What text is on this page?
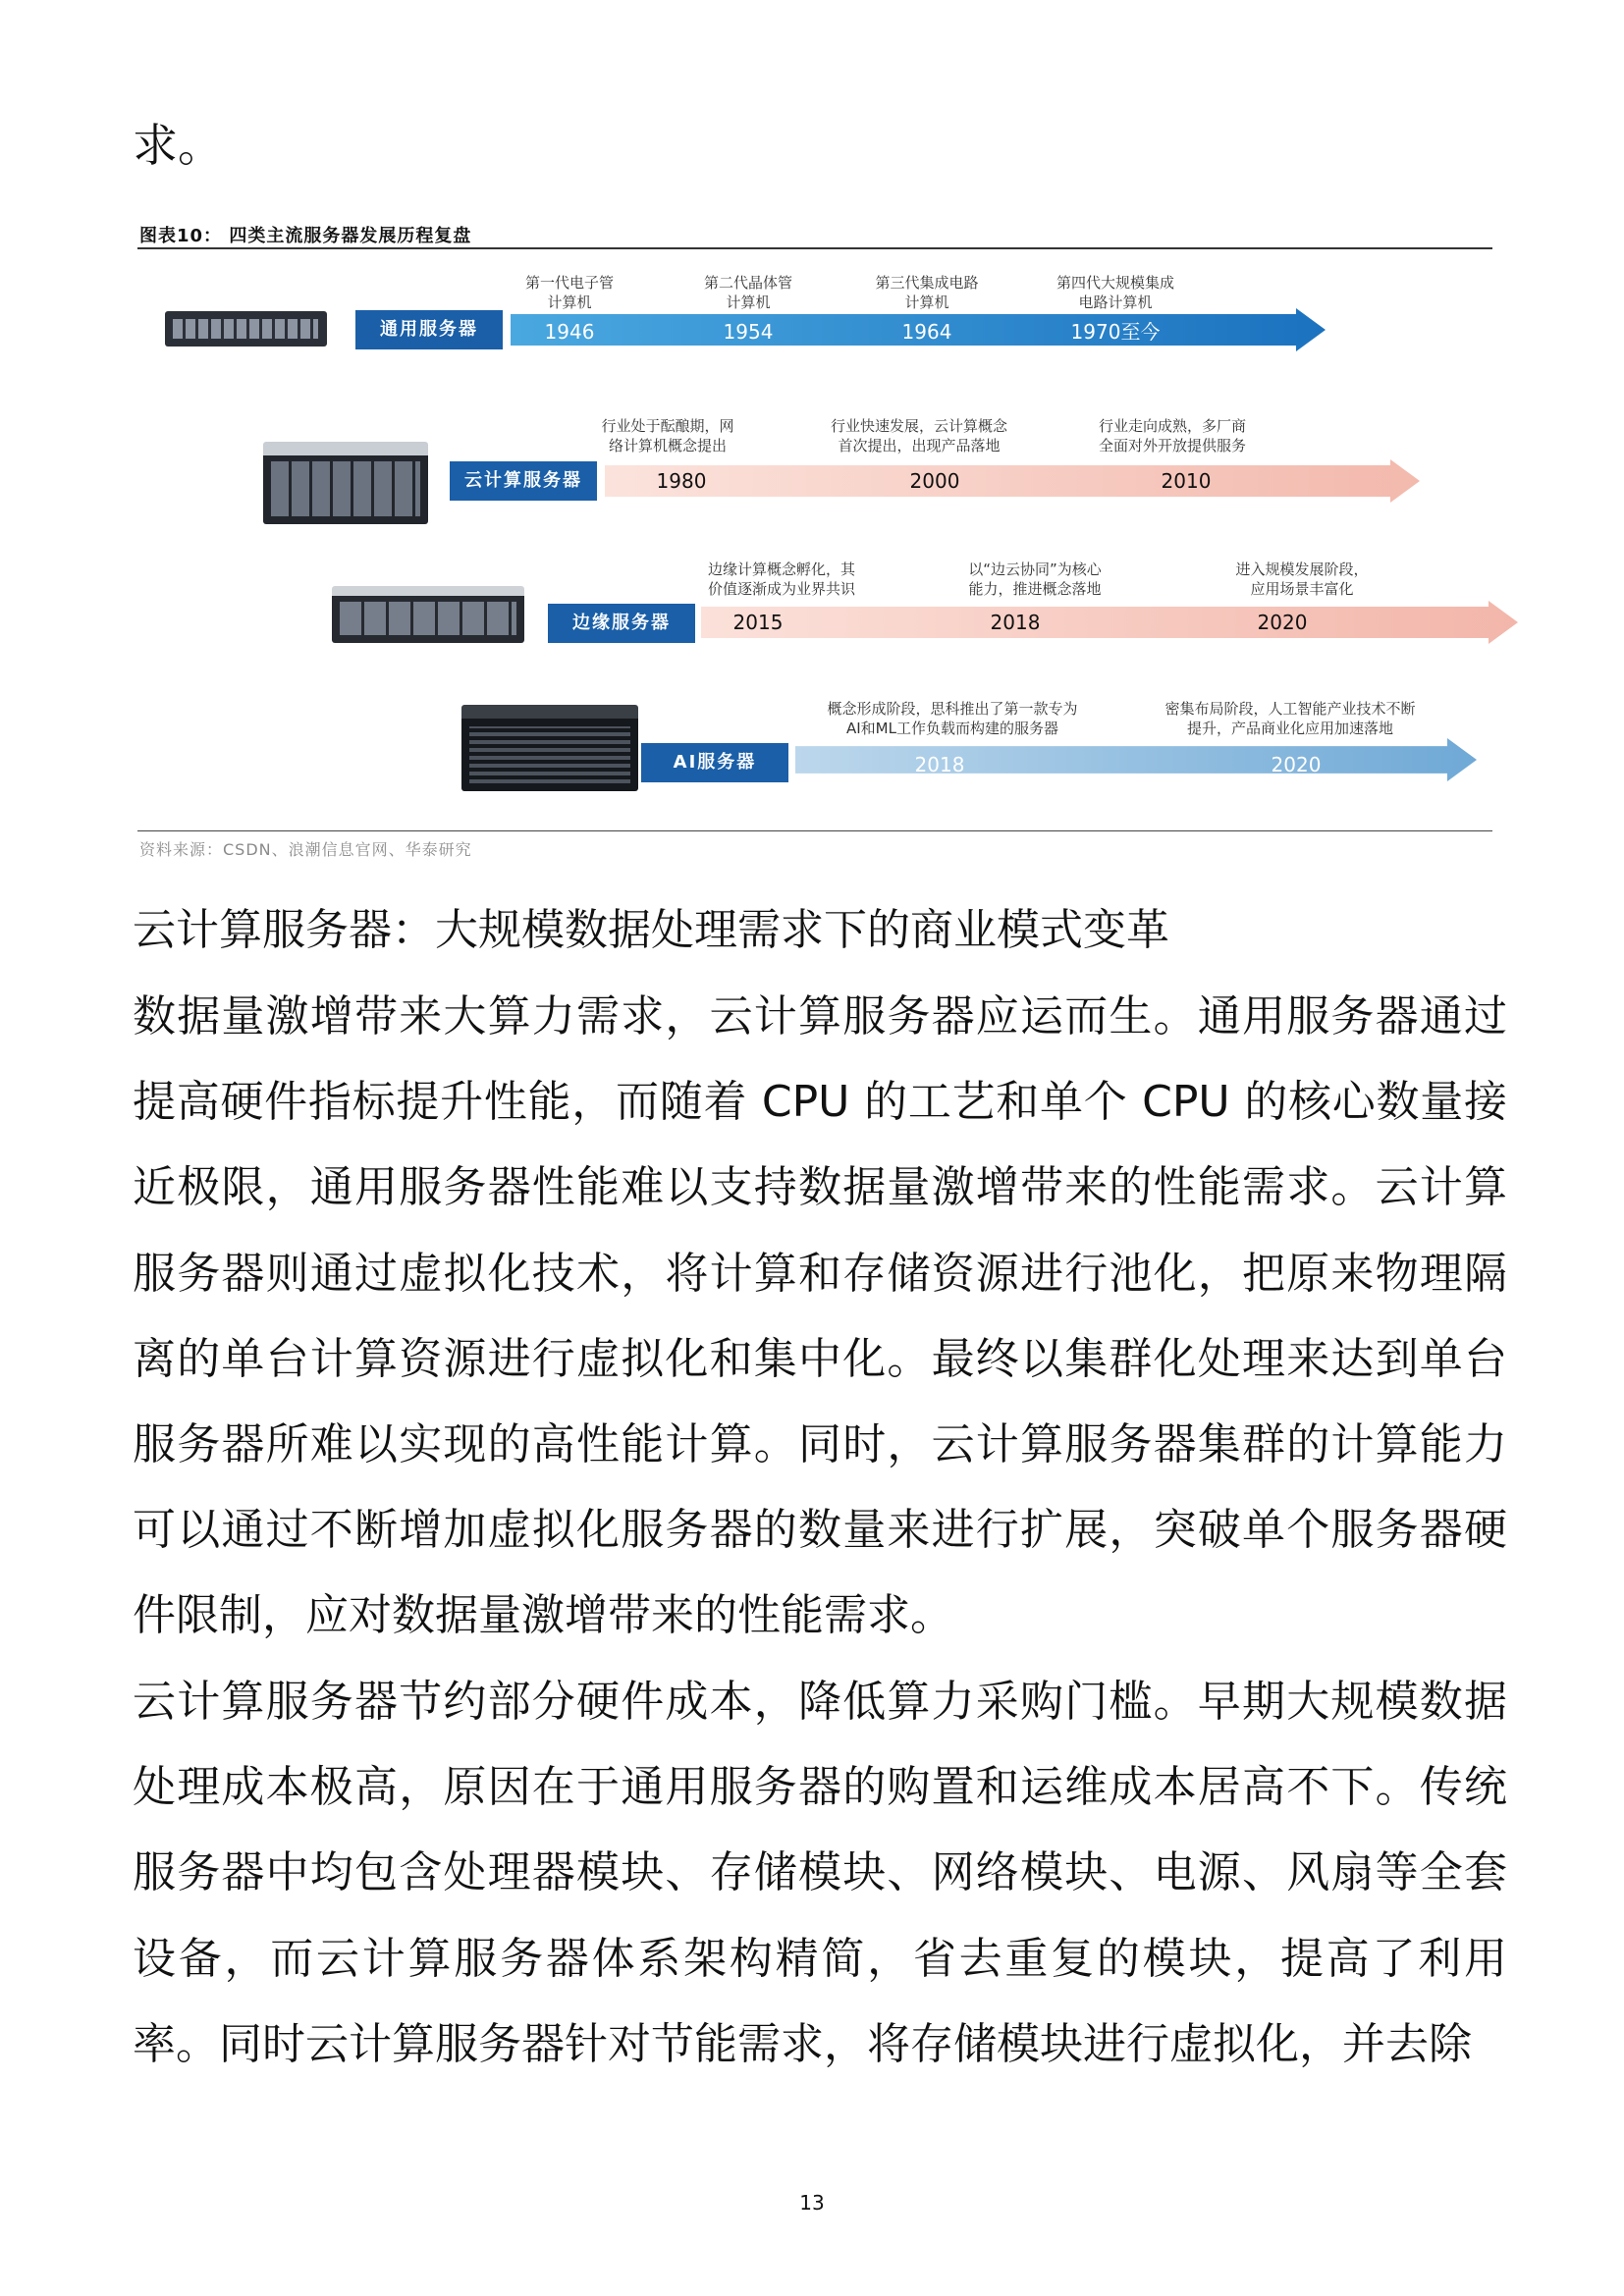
求。
图表10： 四类主流服务器发展历程复盘
通用服务器
第一代电子管
计算机
第二代晶体管
计算机
第三代集成电路
计算机
第四代大规模集成
电路计算机
1946	1954	1964	1970至今
云计算服务器
行业处于酝酿期，网
络计算机概念提出
行业快速发展，云计算概念
首次提出，出现产品落地
行业走向成熟，多厂商
全面对外开放提供服务
1980	2000	2010
边缘服务器
边缘计算概念孵化，其
价值逐渐成为业界共识
以“边云协同”为核心
能力，推进概念落地
进入规模发展阶段，
应用场景丰富化
2015	2018	2020
AI服务器
概念形成阶段，思科推出了第一款专为
AI和ML工作负载而构建的服务器
密集布局阶段，人工智能产业技术不断
提升，产品商业化应用加速落地
2018	2020
资料来源：CSDN、浪潮信息官网、华泰研究
云计算服务器：大规模数据处理需求下的商业模式变革
数据量激增带来大算力需求，云计算服务器应运而生。通用服务器通过提高硬件指标提升性能，而随着 CPU 的工艺和单个 CPU 的核心数量接近极限，通用服务器性能难以支持数据量激增带来的性能需求。云计算服务器则通过虚拟化技术，将计算和存储资源进行池化，把原来物理隔离的单台计算资源进行虚拟化和集中化。最终以集群化处理来达到单台服务器所难以实现的高性能计算。同时，云计算服务器集群的计算能力可以通过不断增加虚拟化服务器的数量来进行扩展，突破单个服务器硬件限制，应对数据量激增带来的性能需求。
云计算服务器节约部分硬件成本，降低算力采购门槛。早期大规模数据处理成本极高，原因在于通用服务器的购置和运维成本居高不下。传统服务器中均包含处理器模块、存储模块、网络模块、电源、风扇等全套设备，而云计算服务器体系架构精简，省去重复的模块，提高了利用率。同时云计算服务器针对节能需求，将存储模块进行虚拟化，并去除
13
